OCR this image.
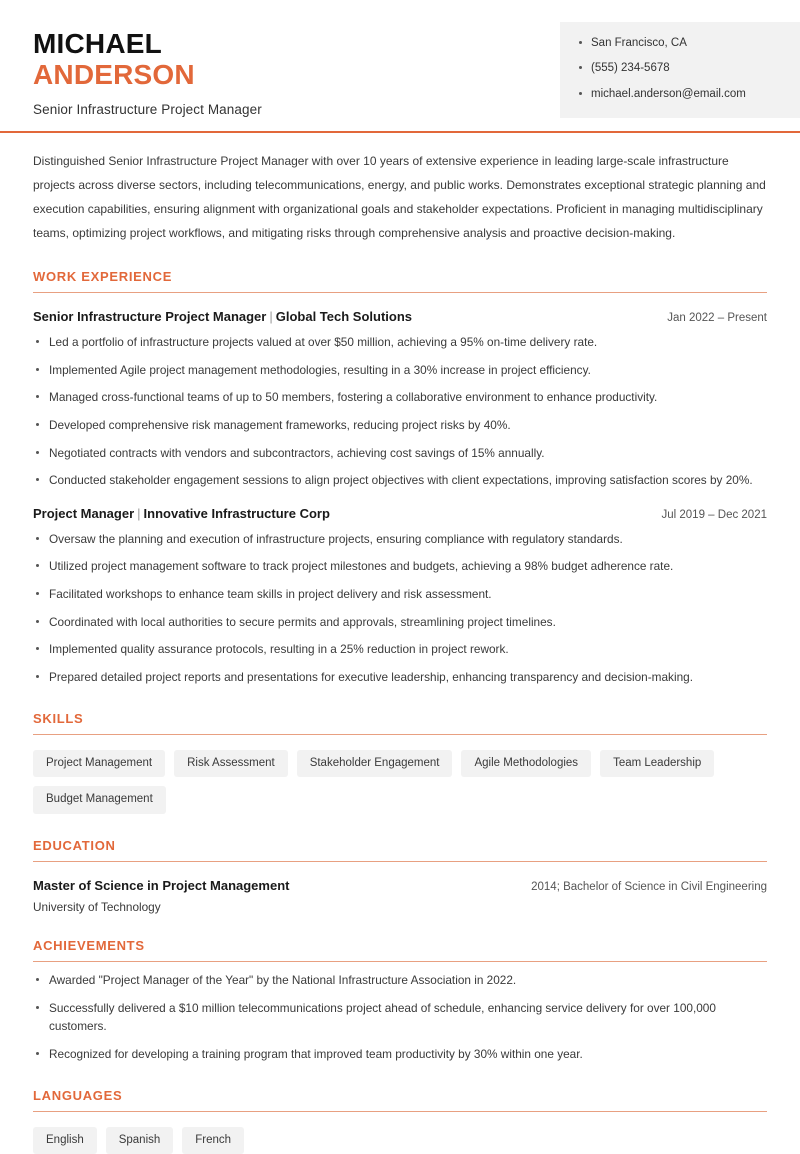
MICHAEL
ANDERSON
Senior Infrastructure Project Manager
San Francisco, CA
(555) 234-5678
michael.anderson@email.com
Distinguished Senior Infrastructure Project Manager with over 10 years of extensive experience in leading large-scale infrastructure projects across diverse sectors, including telecommunications, energy, and public works. Demonstrates exceptional strategic planning and execution capabilities, ensuring alignment with organizational goals and stakeholder expectations. Proficient in managing multidisciplinary teams, optimizing project workflows, and mitigating risks through comprehensive analysis and proactive decision-making.
WORK EXPERIENCE
Senior Infrastructure Project Manager | Global Tech Solutions	Jan 2022 – Present
Led a portfolio of infrastructure projects valued at over $50 million, achieving a 95% on-time delivery rate.
Implemented Agile project management methodologies, resulting in a 30% increase in project efficiency.
Managed cross-functional teams of up to 50 members, fostering a collaborative environment to enhance productivity.
Developed comprehensive risk management frameworks, reducing project risks by 40%.
Negotiated contracts with vendors and subcontractors, achieving cost savings of 15% annually.
Conducted stakeholder engagement sessions to align project objectives with client expectations, improving satisfaction scores by 20%.
Project Manager | Innovative Infrastructure Corp	Jul 2019 – Dec 2021
Oversaw the planning and execution of infrastructure projects, ensuring compliance with regulatory standards.
Utilized project management software to track project milestones and budgets, achieving a 98% budget adherence rate.
Facilitated workshops to enhance team skills in project delivery and risk assessment.
Coordinated with local authorities to secure permits and approvals, streamlining project timelines.
Implemented quality assurance protocols, resulting in a 25% reduction in project rework.
Prepared detailed project reports and presentations for executive leadership, enhancing transparency and decision-making.
SKILLS
Project Management	Risk Assessment	Stakeholder Engagement	Agile Methodologies	Team Leadership
Budget Management
EDUCATION
Master of Science in Project Management	2014; Bachelor of Science in Civil Engineering
University of Technology
ACHIEVEMENTS
Awarded "Project Manager of the Year" by the National Infrastructure Association in 2022.
Successfully delivered a $10 million telecommunications project ahead of schedule, enhancing service delivery for over 100,000 customers.
Recognized for developing a training program that improved team productivity by 30% within one year.
LANGUAGES
English	Spanish	French
